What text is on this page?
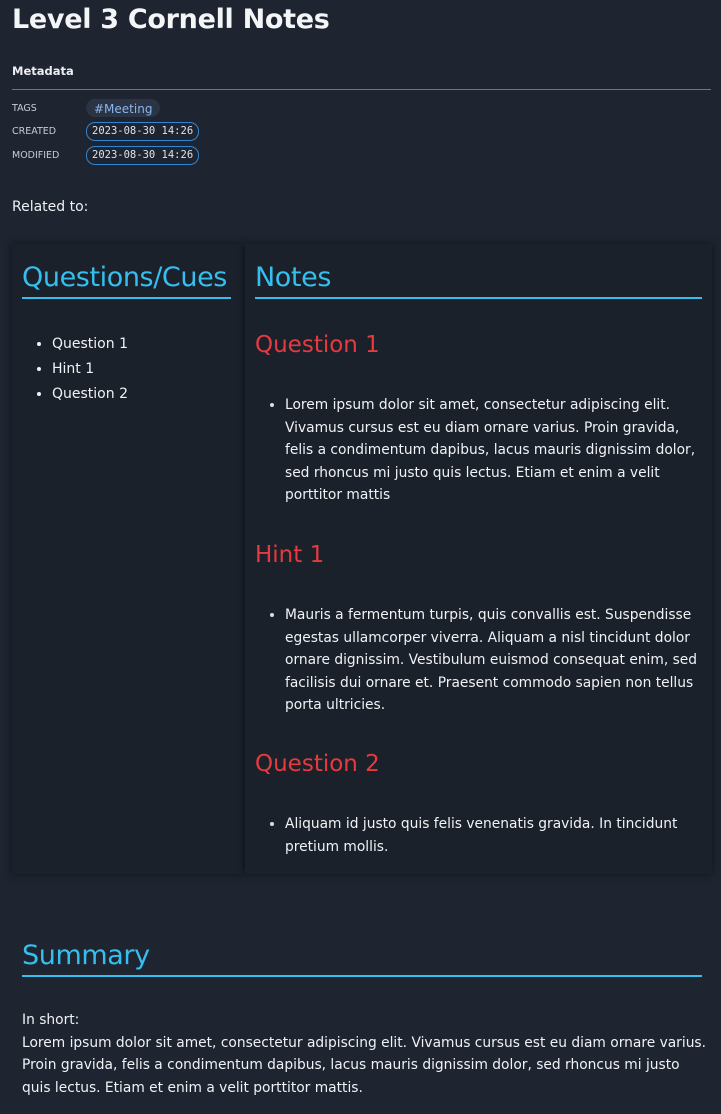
Level 3 Cornell Notes
Metadata
TAGS	#Meeting
CREATED	2023-08-30 14:26
MODIFIED	2023-08-30 14:26
Related to:
Questions/Cues
• Question 1
• Hint 1
• Question 2
Notes
Question 1
• Lorem ipsum dolor sit amet, consectetur adipiscing elit. Vivamus cursus est eu diam ornare varius. Proin gravida, felis a condimentum dapibus, lacus mauris dignissim dolor, sed rhoncus mi justo quis lectus. Etiam et enim a velit porttitor mattis
Hint 1
• Mauris a fermentum turpis, quis convallis est. Suspendisse egestas ullamcorper viverra. Aliquam a nisl tincidunt dolor ornare dignissim. Vestibulum euismod consequat enim, sed facilisis dui ornare et. Praesent commodo sapien non tellus porta ultricies.
Question 2
• Aliquam id justo quis felis venenatis gravida. In tincidunt pretium mollis.
Summary
In short:
Lorem ipsum dolor sit amet, consectetur adipiscing elit. Vivamus cursus est eu diam ornare varius. Proin gravida, felis a condimentum dapibus, lacus mauris dignissim dolor, sed rhoncus mi justo quis lectus. Etiam et enim a velit porttitor mattis.
